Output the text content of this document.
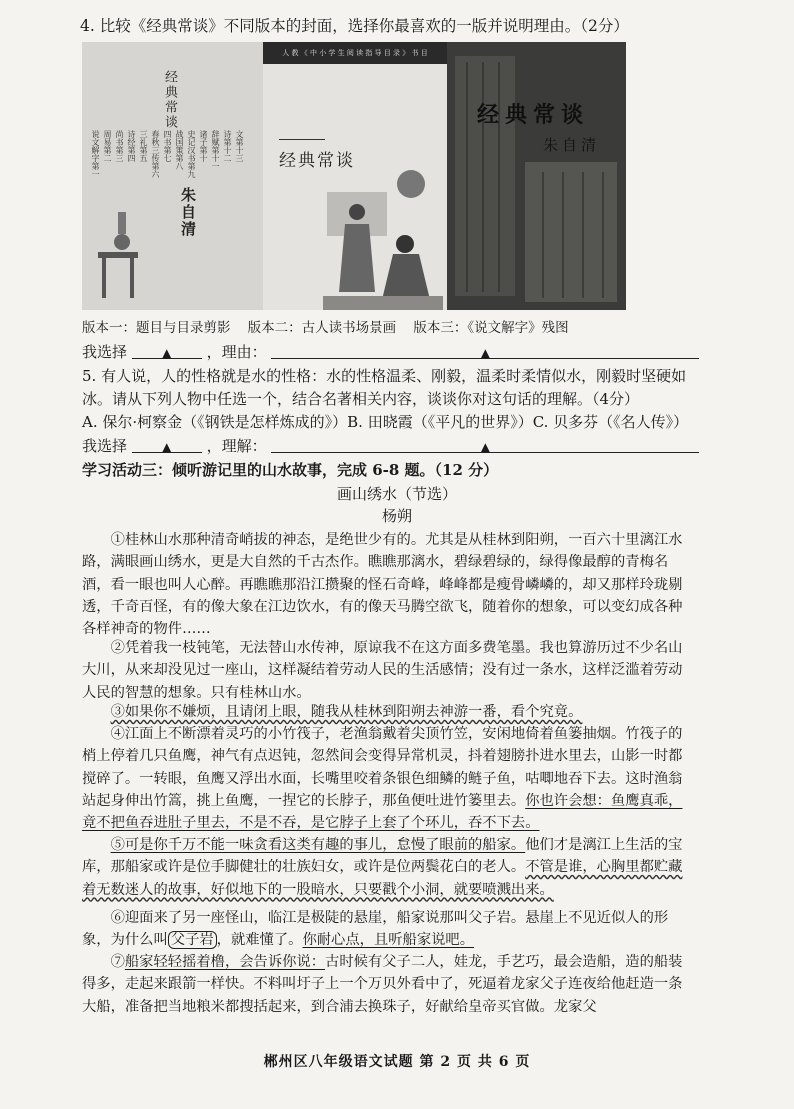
4. 比较《经典常谈》不同版本的封面，选择你最喜欢的一版并说明理由。（2分）
经典常谈
朱自清
说文解字第一 周易第二 尚书第三 诗经第四 三礼第五 春秋三传第六 四书第七 战国策第八 史记汉书第九 诸子第十 辞赋第十一 诗第十二 文第十三
人 教 《 中 小 学 生 阅 读 指 导 目 录 》 书 目
经典常谈
经典常谈
朱自清
版本一：题目与目录剪影 版本二：古人读书场景画 版本三：《说文解字》残图
我选择	▲ ，理由：	▲
5. 有人说，人的性格就是水的性格：水的性格温柔、刚毅，温柔时柔情似水，刚毅时坚硬如
冰。请从下列人物中任选一个，结合名著相关内容，谈谈你对这句话的理解。（4分）
A. 保尔·柯察金（《钢铁是怎样炼成的》）B. 田晓霞（《平凡的世界》）C. 贝多芬（《名人传》）
我选择	▲ ，理解：	▲
学习活动三：倾听游记里的山水故事，完成 6-8 题。（12 分）
画山绣水（节选）
杨朔
①桂林山水那种清奇峭拔的神态，是绝世少有的。尤其是从桂林到阳朔，一百六十里漓江水路，满眼画山绣水，更是大自然的千古杰作。瞧瞧那漓水，碧绿碧绿的，绿得像最醇的青梅名酒，看一眼也叫人心醉。再瞧瞧那沿江攒聚的怪石奇峰，峰峰都是瘦骨嶙嶙的，却又那样玲珑剔透，千奇百怪，有的像大象在江边饮水，有的像天马腾空欲飞，随着你的想象，可以变幻成各种各样神奇的物件……
②凭着我一枝钝笔，无法替山水传神，原谅我不在这方面多费笔墨。我也算游历过不少名山大川，从来却没见过一座山，这样凝结着劳动人民的生活感情；没有过一条水，这样泛滥着劳动人民的智慧的想象。只有桂林山水。
③如果你不嫌烦，且请闭上眼，随我从桂林到阳朔去神游一番，看个究竟。
④江面上不断漂着灵巧的小竹筏子，老渔翁戴着尖顶竹笠，安闲地倚着鱼篓抽烟。竹筏子的梢上停着几只鱼鹰，神气有点迟钝，忽然间会变得异常机灵，抖着翅膀扑进水里去，山影一时都搅碎了。一转眼，鱼鹰又浮出水面，长嘴里咬着条银色细鳞的鲢子鱼，咕唧地吞下去。这时渔翁站起身伸出竹篙，挑上鱼鹰，一捏它的长脖子，那鱼便吐进竹篓里去。你也许会想：鱼鹰真乖，竟不把鱼吞进肚子里去，不是不吞，是它脖子上套了个环儿，吞不下去。
⑤可是你千万不能一味贪看这类有趣的事儿，怠慢了眼前的船家。他们才是漓江上生活的宝库，那船家或许是位手脚健壮的壮族妇女，或许是位两鬓花白的老人。不管是谁，心胸里都贮藏着无数迷人的故事，好似地下的一股暗水，只要戳个小洞，就要喷溅出来。
⑥迎面来了另一座怪山，临江是极陡的悬崖，船家说那叫父子岩。悬崖上不见近似人的形象，为什么叫 父子岩 ，就难懂了。你耐心点，且听船家说吧。
⑦船家轻轻摇着橹，会告诉你说：古时候有父子二人，娃龙，手艺巧，最会造船，造的船装得多，走起来跟箭一样快。不料叫圩子上一个万贝外看中了，死逼着龙家父子连夜给他赶造一条大船，准备把当地粮米都搜括起来，到合浦去换珠子，好献给皇帝买官做。龙家父
郴州区八年级语文试题 第 2 页 共 6 页
